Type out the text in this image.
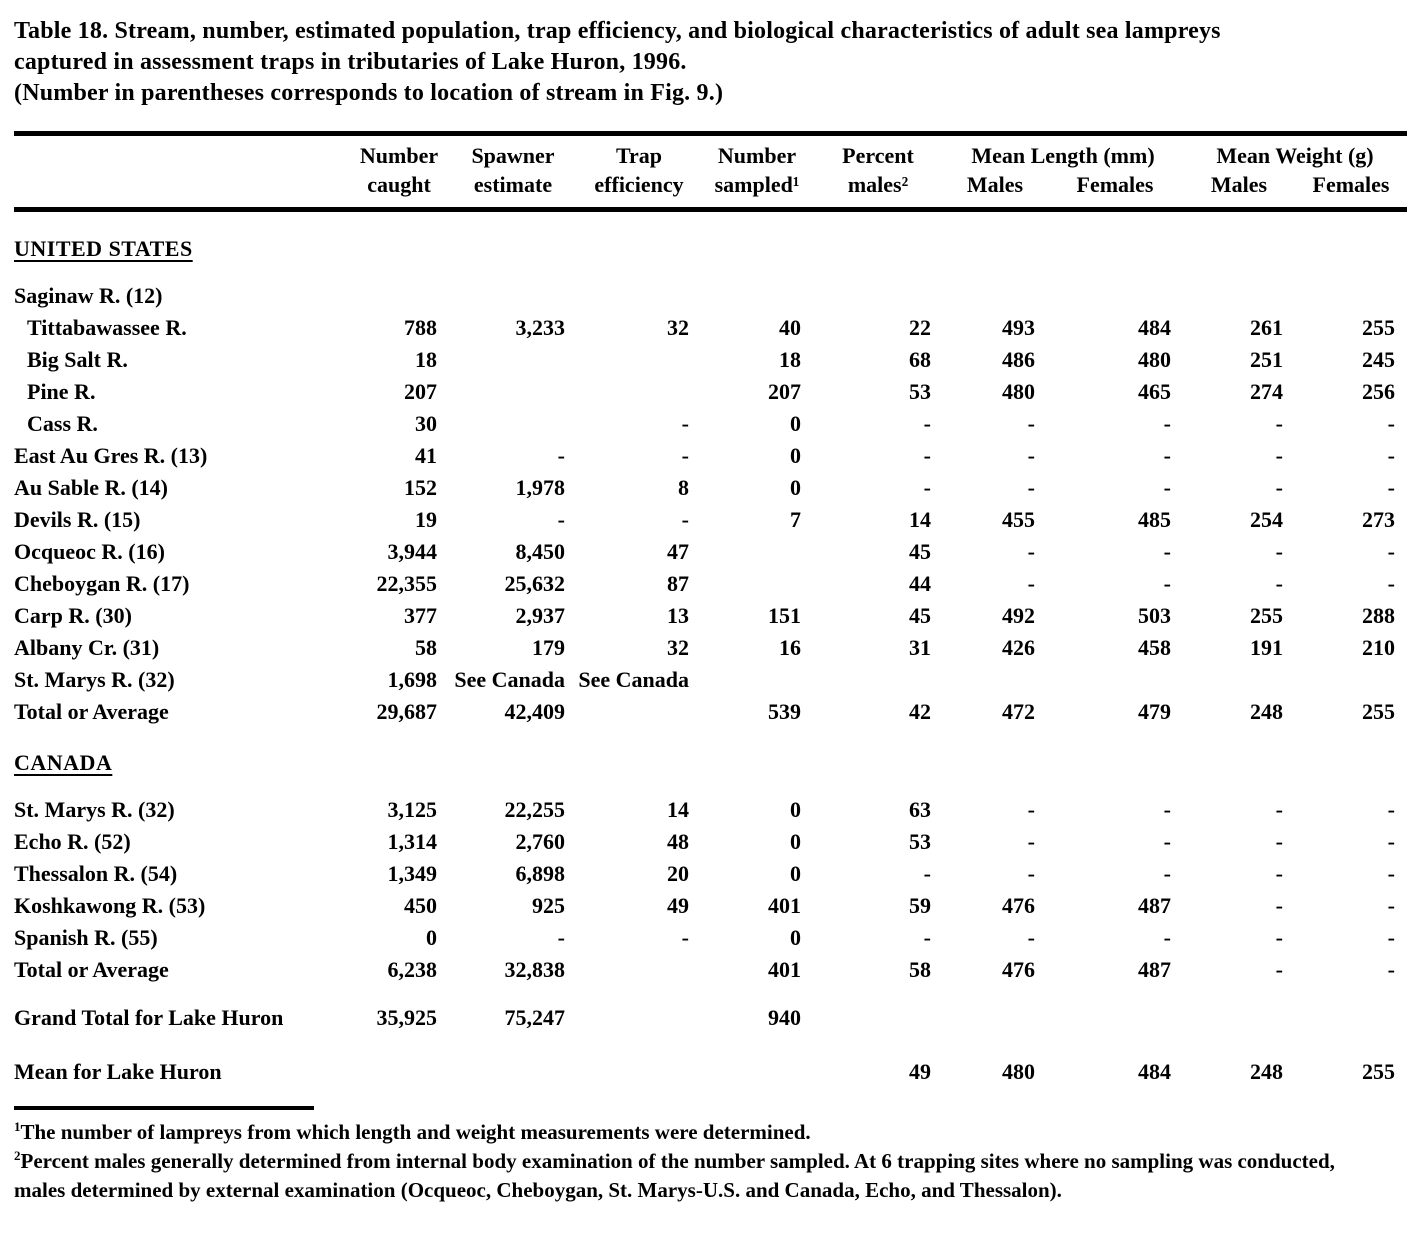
Table 18. Stream, number, estimated population, trap efficiency, and biological characteristics of adult sea lampreys
captured in assessment traps in tributaries of Lake Huron, 1996.
(Number in parentheses corresponds to location of stream in Fig. 9.)
	Number	Spawner	Trap	Number	Percent	Mean Length (mm)		Mean Weight (g)	
	caught	estimate	efficiency	sampled¹	males²	Males	Females	Males	Females

UNITED STATES									

Saginaw R. (12)									
Tittabawassee R.	788	3,233	32	40	22	493	484	261	255
Big Salt R.	18			18	68	486	480	251	245
Pine R.	207			207	53	480	465	274	256
Cass R.	30		-	0	-	-	-	-	-
East Au Gres R. (13)	41	-	-	0	-	-	-	-	-
Au Sable R. (14)	152	1,978	8	0	-	-	-	-	-
Devils R. (15)	19	-	-	7	14	455	485	254	273
Ocqueoc R. (16)	3,944	8,450	47		45	-	-	-	-
Cheboygan R. (17)	22,355	25,632	87		44	-	-	-	-
Carp R. (30)	377	2,937	13	151	45	492	503	255	288
Albany Cr. (31)	58	179	32	16	31	426	458	191	210
St. Marys R. (32)	1,698	See Canada	See Canada						
Total or Average	29,687	42,409		539	42	472	479	248	255

CANADA									

St. Marys R. (32)	3,125	22,255	14	0	63	-	-	-	-
Echo R. (52)	1,314	2,760	48	0	53	-	-	-	-
Thessalon R. (54)	1,349	6,898	20	0	-	-	-	-	-
Koshkawong R. (53)	450	925	49	401	59	476	487	-	-
Spanish R. (55)	0	-	-	0	-	-	-	-	-
Total or Average	6,238	32,838		401	58	476	487	-	-

Grand Total for Lake Huron	35,925	75,247		940					

Mean for Lake Huron					49	480	484	248	255
$^1$The number of lampreys from which length and weight measurements were determined.
$^2$Percent males generally determined from internal body examination of the number sampled. At 6 trapping sites where no sampling was conducted, males determined by external examination (Ocqueoc, Cheboygan, St. Marys-U.S. and Canada, Echo, and Thessalon).
